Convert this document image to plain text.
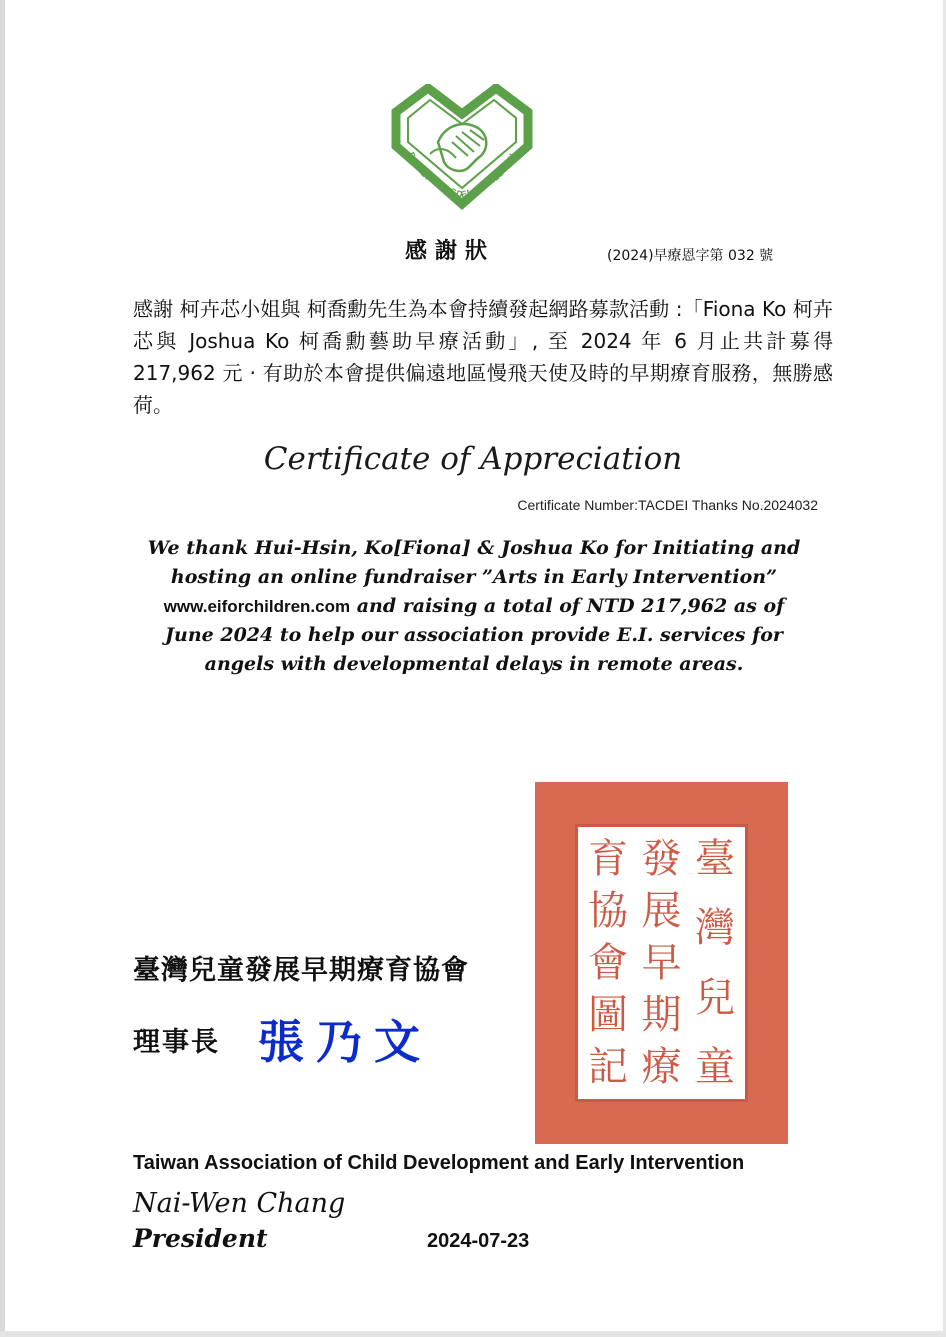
FAMILY ♦ TACDEI ♦ CHILDREN
感謝狀	(2024)早療恩字第 032 號
感謝 柯卉芯小姐與 柯喬勳先生為本會持續發起網路募款活動 :「Fiona Ko 柯卉芯與 Joshua Ko 柯喬勳藝助早療活動」, 至 2024 年 6 月止共計募得 217,962 元 · 有助於本會提供偏遠地區慢飛天使及時的早期療育服務，無勝感荷。
Certificate of Appreciation
Certificate Number:TACDEI Thanks No.2024032
We thank Hui-Hsin, Ko[Fiona] & Joshua Ko for Initiating and hosting an online fundraiser ”Arts in Early Intervention” www.eiforchildren.com and raising a total of NTD 217,962 as of June 2024 to help our association provide E.I. services for angels with developmental delays in remote areas.
臺
灣
兒
童
發
展
早
期
療
育
協
會
圖
記
臺灣兒童發展早期療育協會
理事長 張乃文
Taiwan Association of Child Development and Early Intervention
Nai-Wen Chang
President	2024-07-23
